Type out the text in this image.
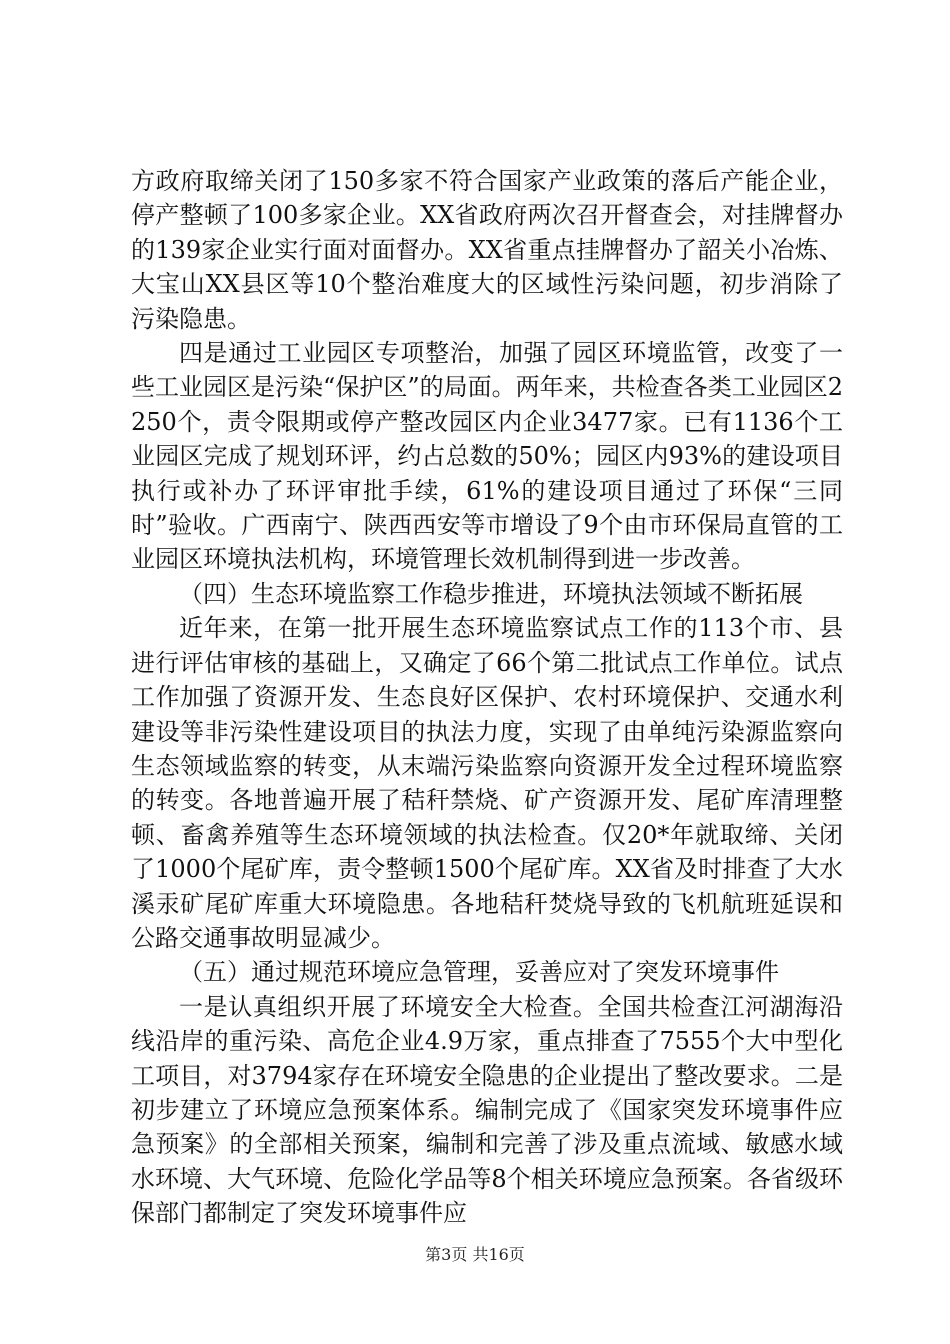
方政府取缔关闭了150多家不符合国家产业政策的落后产能企业，停产整顿了100多家企业。XX省政府两次召开督查会，对挂牌督办的139家企业实行面对面督办。XX省重点挂牌督办了韶关小冶炼、大宝山XX县区等10个整治难度大的区域性污染问题，初步消除了污染隐患。

四是通过工业园区专项整治，加强了园区环境监管，改变了一些工业园区是污染“保护区”的局面。两年来，共检查各类工业园区2250个，责令限期或停产整改园区内企业3477家。已有1136个工业园区完成了规划环评，约占总数的50%；园区内93%的建设项目执行或补办了环评审批手续，61%的建设项目通过了环保“三同时”验收。广西南宁、陕西西安等市增设了9个由市环保局直管的工业园区环境执法机构，环境管理长效机制得到进一步改善。

（四）生态环境监察工作稳步推进，环境执法领域不断拓展

近年来，在第一批开展生态环境监察试点工作的113个市、县进行评估审核的基础上，又确定了66个第二批试点工作单位。试点工作加强了资源开发、生态良好区保护、农村环境保护、交通水利建设等非污染性建设项目的执法力度，实现了由单纯污染源监察向生态领域监察的转变，从末端污染监察向资源开发全过程环境监察的转变。各地普遍开展了秸秆禁烧、矿产资源开发、尾矿库清理整顿、畜禽养殖等生态环境领域的执法检查。仅20*年就取缔、关闭了1000个尾矿库，责令整顿1500个尾矿库。XX省及时排查了大水溪汞矿尾矿库重大环境隐患。各地秸秆焚烧导致的飞机航班延误和公路交通事故明显减少。

（五）通过规范环境应急管理，妥善应对了突发环境事件

一是认真组织开展了环境安全大检查。全国共检查江河湖海沿线沿岸的重污染、高危企业4.9万家，重点排查了7555个大中型化工项目，对3794家存在环境安全隐患的企业提出了整改要求。二是初步建立了环境应急预案体系。编制完成了《国家突发环境事件应急预案》的全部相关预案，编制和完善了涉及重点流域、敏感水域水环境、大气环境、危险化学品等8个相关环境应急预案。各省级环保部门都制定了突发环境事件应

第3页 共16页
